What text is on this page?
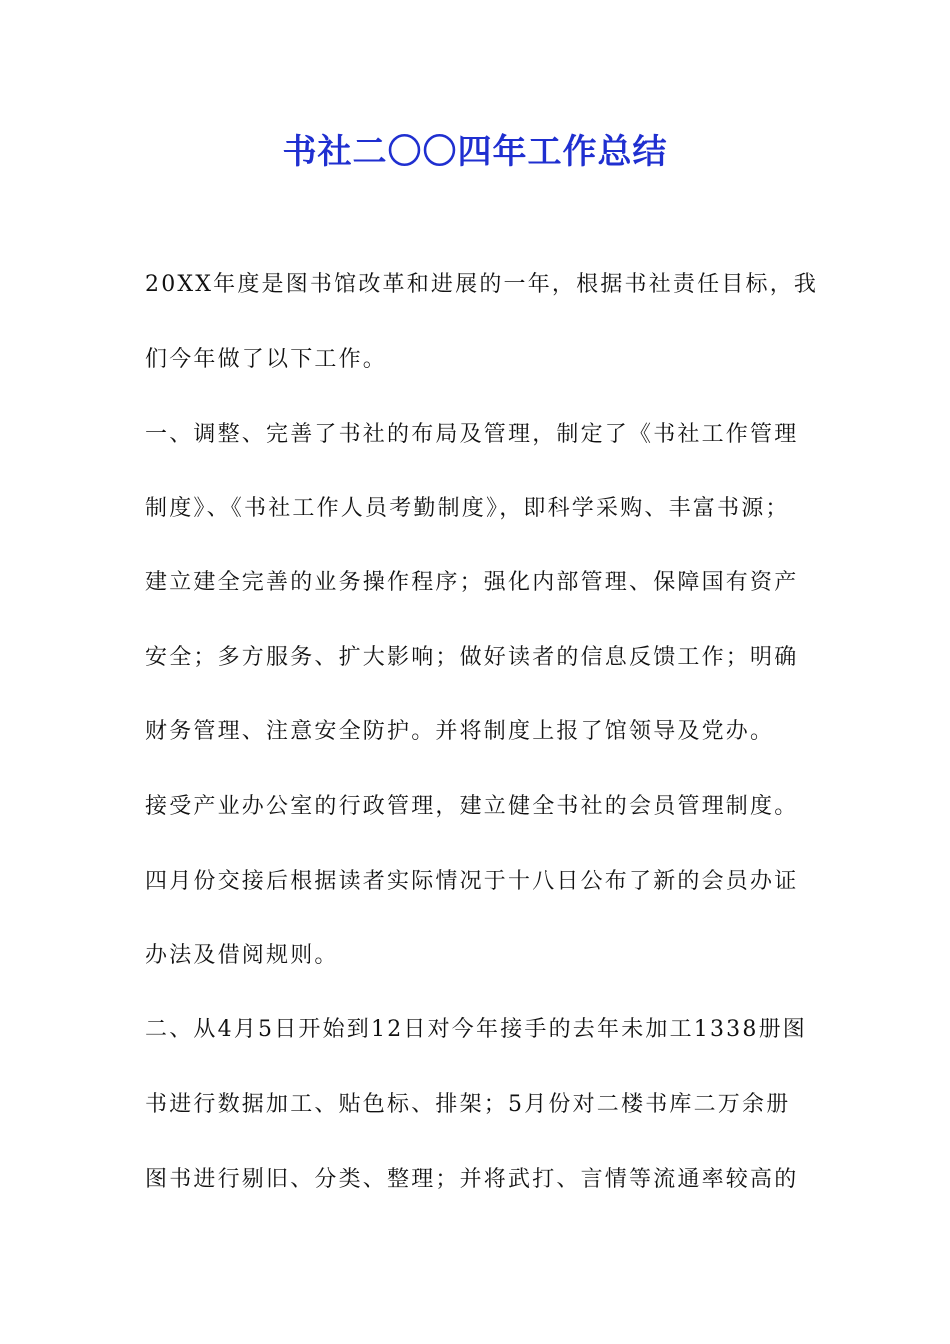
书社二〇〇四年工作总结
20XX年度是图书馆改革和进展的一年，根据书社责任目标，我
们今年做了以下工作。
一、调整、完善了书社的布局及管理，制定了《书社工作管理
制度》、《书社工作人员考勤制度》，即科学采购、丰富书源；
建立建全完善的业务操作程序；强化内部管理、保障国有资产
安全；多方服务、扩大影响；做好读者的信息反馈工作；明确
财务管理、注意安全防护。并将制度上报了馆领导及党办。
接受产业办公室的行政管理，建立健全书社的会员管理制度。
四月份交接后根据读者实际情况于十八日公布了新的会员办证
办法及借阅规则。
二、从4月5日开始到12日对今年接手的去年未加工1338册图
书进行数据加工、贴色标、排架；5月份对二楼书库二万余册
图书进行剔旧、分类、整理；并将武打、言情等流通率较高的
